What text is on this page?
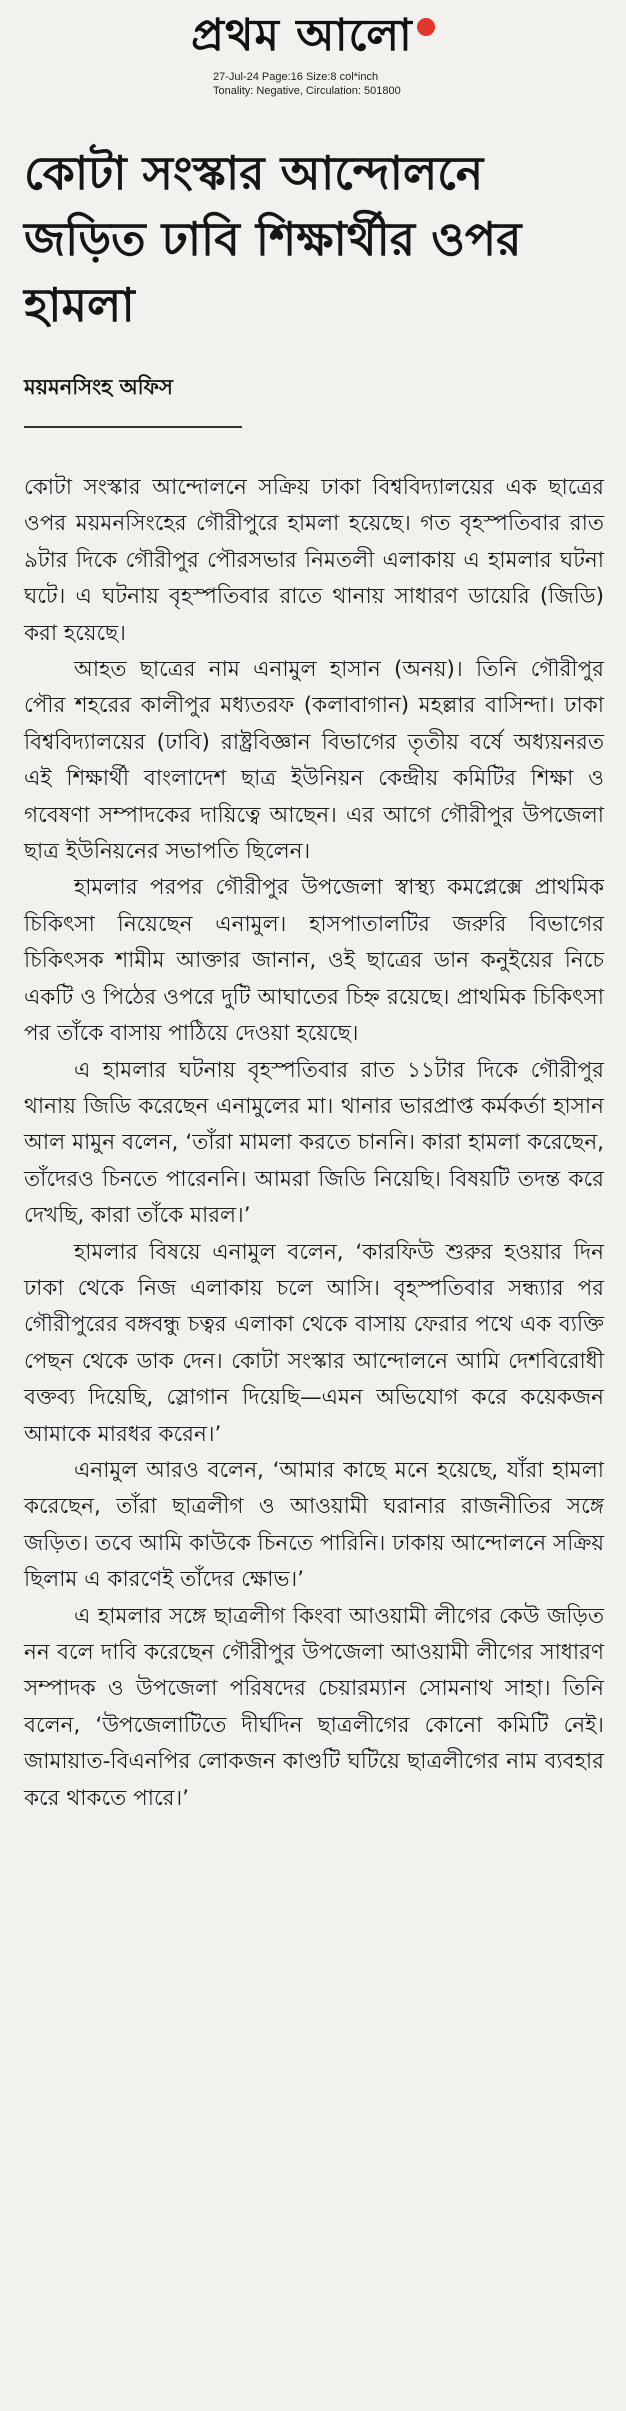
প্রথম আলো
27-Jul-24 Page:16 Size:8 col*inch
Tonality: Negative, Circulation: 501800
কোটা সংস্কার আন্দোলনে জড়িত ঢাবি শিক্ষার্থীর ওপর হামলা
ময়মনসিংহ অফিস

কোটা সংস্কার আন্দোলনে সক্রিয় ঢাকা বিশ্ববিদ্যালয়ের এক ছাত্রের ওপর ময়মনসিংহের গৌরীপুরে হামলা হয়েছে। গত বৃহস্পতিবার রাত ৯টার দিকে গৌরীপুর পৌরসভার নিমতলী এলাকায় এ হামলার ঘটনা ঘটে। এ ঘটনায় বৃহস্পতিবার রাতে থানায় সাধারণ ডায়েরি (জিডি) করা হয়েছে।

আহত ছাত্রের নাম এনামুল হাসান (অনয়)। তিনি গৌরীপুর পৌর শহরের কালীপুর মধ্যতরফ (কলাবাগান) মহল্লার বাসিন্দা। ঢাকা বিশ্ববিদ্যালয়ের (ঢাবি) রাষ্ট্রবিজ্ঞান বিভাগের তৃতীয় বর্ষে অধ্যয়নরত এই শিক্ষার্থী বাংলাদেশ ছাত্র ইউনিয়ন কেন্দ্রীয় কমিটির শিক্ষা ও গবেষণা সম্পাদকের দায়িত্বে আছেন। এর আগে গৌরীপুর উপজেলা ছাত্র ইউনিয়নের সভাপতি ছিলেন।

হামলার পরপর গৌরীপুর উপজেলা স্বাস্থ্য কমপ্লেক্সে প্রাথমিক চিকিৎসা নিয়েছেন এনামুল। হাসপাতালটির জরুরি বিভাগের চিকিৎসক শামীম আক্তার জানান, ওই ছাত্রের ডান কনুইয়ের নিচে একটি ও পিঠের ওপরে দুটি আঘাতের চিহ্ন রয়েছে। প্রাথমিক চিকিৎসা পর তাঁকে বাসায় পাঠিয়ে দেওয়া হয়েছে।

এ হামলার ঘটনায় বৃহস্পতিবার রাত ১১টার দিকে গৌরীপুর থানায় জিডি করেছেন এনামুলের মা। থানার ভারপ্রাপ্ত কর্মকর্তা হাসান আল মামুন বলেন, ‘তাঁরা মামলা করতে চাননি। কারা হামলা করেছেন, তাঁদেরও চিনতে পারেননি। আমরা জিডি নিয়েছি। বিষয়টি তদন্ত করে দেখছি, কারা তাঁকে মারল।’

হামলার বিষয়ে এনামুল বলেন, ‘কারফিউ শুরুর হওয়ার দিন ঢাকা থেকে নিজ এলাকায় চলে আসি। বৃহস্পতিবার সন্ধ্যার পর গৌরীপুরের বঙ্গবন্ধু চত্বর এলাকা থেকে বাসায় ফেরার পথে এক ব্যক্তি পেছন থেকে ডাক দেন। কোটা সংস্কার আন্দোলনে আমি দেশবিরোধী বক্তব্য দিয়েছি, স্লোগান দিয়েছি—এমন অভিযোগ করে কয়েকজন আমাকে মারধর করেন।’

এনামুল আরও বলেন, ‘আমার কাছে মনে হয়েছে, যাঁরা হামলা করেছেন, তাঁরা ছাত্রলীগ ও আওয়ামী ঘরানার রাজনীতির সঙ্গে জড়িত। তবে আমি কাউকে চিনতে পারিনি। ঢাকায় আন্দোলনে সক্রিয় ছিলাম এ কারণেই তাঁদের ক্ষোভ।’

এ হামলার সঙ্গে ছাত্রলীগ কিংবা আওয়ামী লীগের কেউ জড়িত নন বলে দাবি করেছেন গৌরীপুর উপজেলা আওয়ামী লীগের সাধারণ সম্পাদক ও উপজেলা পরিষদের চেয়ারম্যান সোমনাথ সাহা। তিনি বলেন, ‘উপজেলাটিতে দীর্ঘদিন ছাত্রলীগের কোনো কমিটি নেই। জামায়াত-বিএনপির লোকজন কাণ্ডটি ঘটিয়ে ছাত্রলীগের নাম ব্যবহার করে থাকতে পারে।’
